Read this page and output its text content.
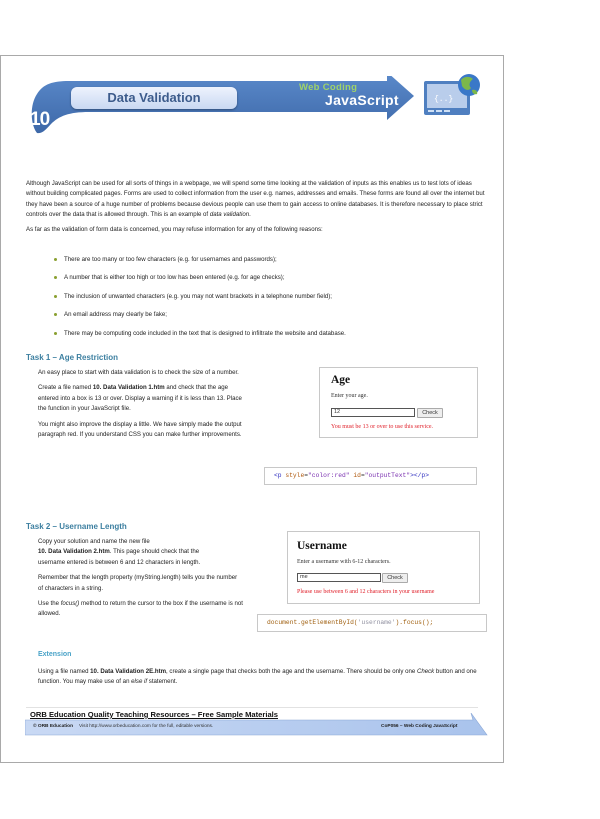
Data Validation
10
Web Coding
JavaScript	{..}

Although JavaScript can be used for all sorts of things in a webpage, we will spend some time looking at the validation of inputs as this enables us to test lots of ideas without building complicated pages. Forms are used to collect information from the user e.g. names, addresses and emails. These forms are found all over the internet but they have been a source of a huge number of problems because devious people can use them to gain access to online databases. It is therefore necessary to place strict controls over the data that is allowed through. This is an example of data validation.

As far as the validation of form data is concerned, you may refuse information for any of the following reasons:

There are too many or too few characters (e.g. for usernames and passwords);
A number that is either too high or too low has been entered (e.g. for age checks);
The inclusion of unwanted characters (e.g. you may not want brackets in a telephone number field);
An email address may clearly be fake;
There may be computing code included in the text that is designed to infiltrate the website and database.
Task 1 – Age Restriction

An easy place to start with data validation is to check the size of a number.

Create a file named 10. Data Validation 1.htm and check that the age entered into a box is 13 or over. Display a warning if it is less than 13. Place the function in your JavaScript file.

You might also improve the display a little. We have simply made the output paragraph red. If you understand CSS you can make further improvements.

Age
Enter your age.
12	Check
You must be 13 or over to use this service.
<p style="color:red" id="outputText"></p>
Task 2 – Username Length

Copy your solution and name the new file
10. Data Validation 2.htm. This page should check that the username entered is between 6 and 12 characters in length.

Remember that the length property (myString.length) tells you the number of characters in a string.

Use the focus() method to return the cursor to the box if the username is not allowed.

Username
Enter a username with 6-12 characters.
me	Check
Please use between 6 and 12 characters in your username
document.getElementById('username').focus();
Extension
Using a file named 10. Data Validation 2E.htm, create a single page that checks both the age and the username. There should be only one Check button and one function. You may make use of an else if statement.
ORB Education Quality Teaching Resources – Free Sample Materials
© ORB Education Visit http://www.orbeducation.com for the full, editable versions.	CoP056 – Web Coding JavaScript
